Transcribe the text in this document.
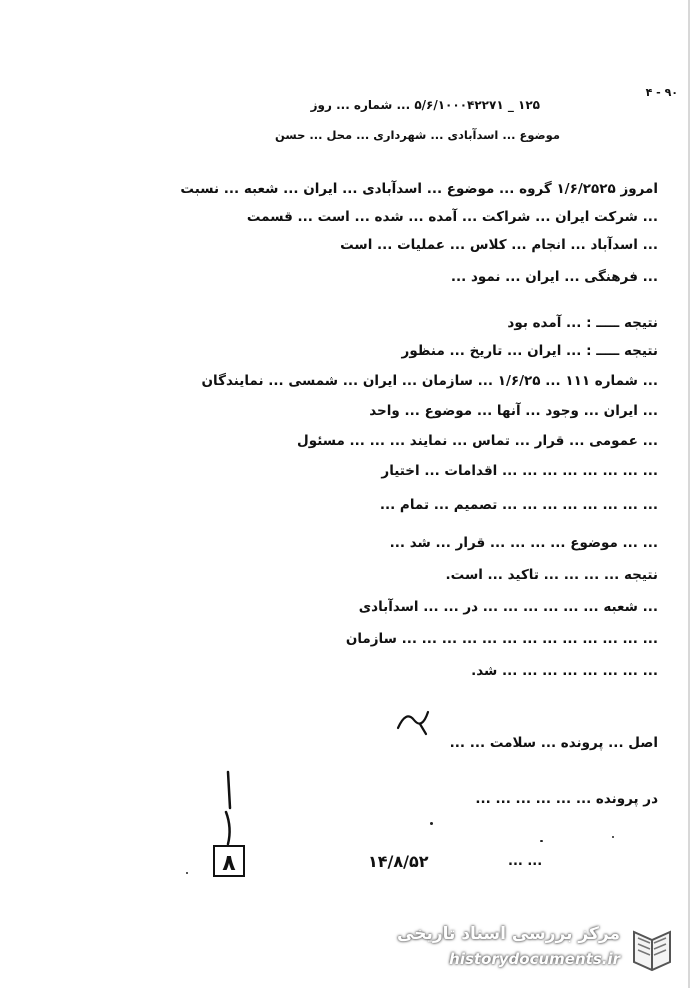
۹۰ - ۴
۱۲۵ _ ۵/۶/۱۰۰۰۴۲۲۷۱ ... شماره ... روز
موضوع ... اسدآبادی ... شهرداری ... محل ... حسن
امروز ۱/۶/۲۵۲۵ گروه ... موضوع ... اسدآبادی ... ایران ... شعبه ... نسبت
... شرکت ایران ... شراکت ... آمده ... شده ... است ... قسمت
... اسدآباد ... انجام ... کلاس ... عملیات ... است
... فرهنگی ... ایران ... نمود ...
نتیجه ـــــ : ... آمده بود
نتیجه ـــــ : ... ایران ... تاریخ ... منظور
... شماره ۱۱۱ ... ۱/۶/۲۵ ... سازمان ... ایران ... شمسی ... نمایندگان
... ایران ... وجود ... آنها ... موضوع ... واحد
... عمومی ... قرار ... تماس ... نمایند ... ... ... مسئول
... ... ... ... ... ... ... ... اقدامات ... اختیار
... ... ... ... ... ... ... ... تصمیم ... تمام ...
... ... موضوع ... ... ... ... قرار ... شد ...
نتیجه ... ... ... ... تاکید ... است.
... شعبه ... ... ... ... ... ... در ... ... اسدآبادی
... ... ... ... ... ... ... ... ... ... ... ... ... سازمان
... ... ... ... ... ... ... ... شد.
اصل ... پرونده ... سلامت ... ...
در پرونده ... ... ... ... ... ...
۸	۱۴/۸/۵۲	... ...
مرکز بررسی اسناد تاریخی
historydocuments.ir
